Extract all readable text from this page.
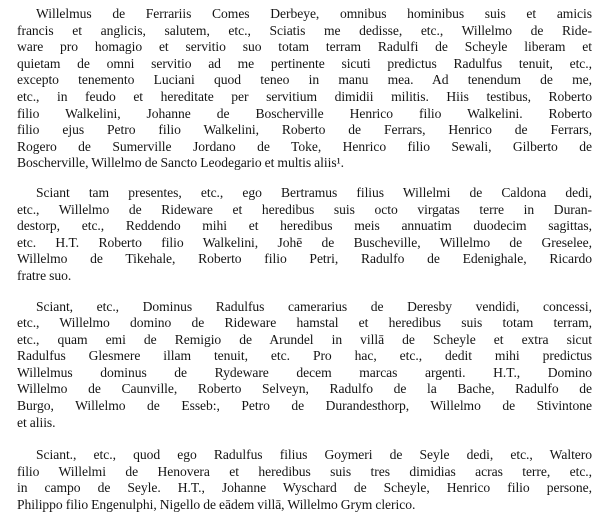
Willelmus de Ferrariis Comes Derbeye, omnibus hominibus suis et amicis
francis et anglicis, salutem, etc., Sciatis me dedisse, etc., Willelmo de Ride-
ware pro homagio et servitio suo totam terram Radulfi de Scheyle liberam et
quietam de omni servitio ad me pertinente sicuti predictus Radulfus tenuit, etc.,
excepto tenemento Luciani quod teneo in manu mea. Ad tenendum de me,
etc., in feudo et hereditate per servitium dimidii militis. Hiis testibus, Roberto
filio Walkelini, Johanne de Boscherville Henrico filio Walkelini. Roberto
filio ejus Petro filio Walkelini, Roberto de Ferrars, Henrico de Ferrars,
Rogero de Sumerville Jordano de Toke, Henrico filio Sewali, Gilberto de
Boscherville, Willelmo de Sancto Leodegario et multis aliis¹.
Sciant tam presentes, etc., ego Bertramus filius Willelmi de Caldona dedi,
etc., Willelmo de Rideware et heredibus suis octo virgatas terre in Duran-
destorp, etc., Reddendo mihi et heredibus meis annuatim duodecim sagittas,
etc. H.T. Roberto filio Walkelini, Johē de Buscheville, Willelmo de Greselee,
Willelmo de Tikehale, Roberto filio Petri, Radulfo de Edenighale, Ricardo
fratre suo.
Sciant, etc., Dominus Radulfus camerarius de Deresby vendidi, concessi,
etc., Willelmo domino de Rideware hamstal et heredibus suis totam terram,
etc., quam emi de Remigio de Arundel in villā de Scheyle et extra sicut
Radulfus Glesmere illam tenuit, etc. Pro hac, etc., dedit mihi predictus
Willelmus dominus de Rydeware decem marcas argenti. H.T., Domino
Willelmo de Caunville, Roberto Selveyn, Radulfo de la Bache, Radulfo de
Burgo, Willelmo de Esseb:, Petro de Durandesthorp, Willelmo de Stivintone
et aliis.
Sciant., etc., quod ego Radulfus filius Goymeri de Seyle dedi, etc., Waltero
filio Willelmi de Henovera et heredibus suis tres dimidias acras terre, etc.,
in campo de Seyle. H.T., Johanne Wyschard de Scheyle, Henrico filio persone,
Philippo filio Engenulphi, Nigello de eādem villā, Willelmo Grym clerico.
